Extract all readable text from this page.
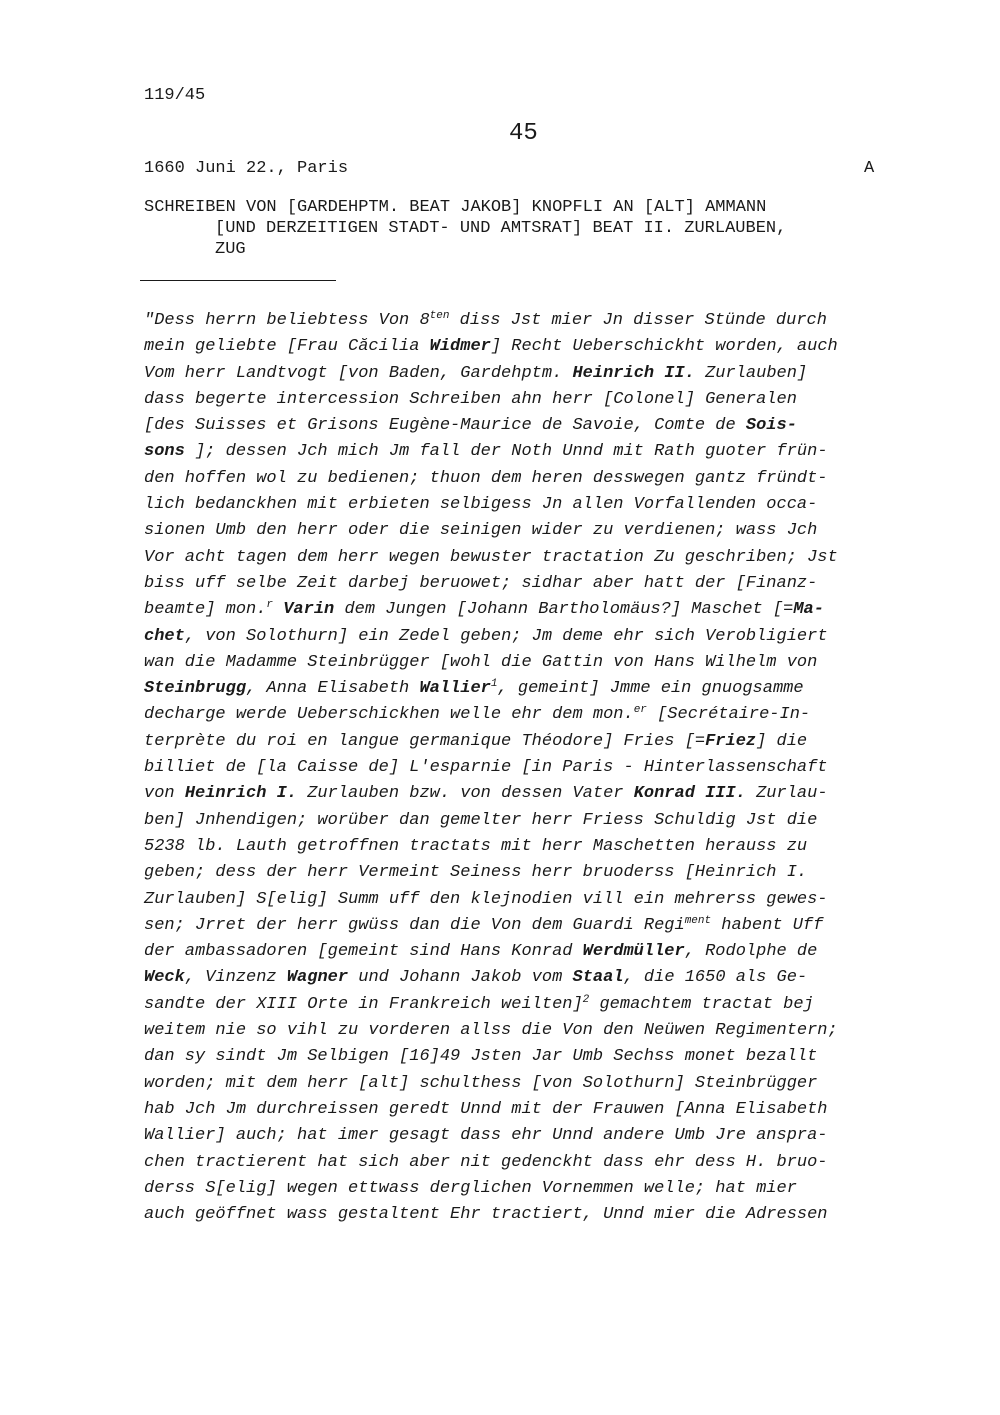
119/45
45
1660 Juni 22., Paris	A
SCHREIBEN VON [GARDEHPTM. BEAT JAKOB] KNOPFLI AN [ALT] AMMANN
[UND DERZEITIGEN STADT- UND AMTSRAT] BEAT II. ZURLAUBEN,
ZUG
"Dess herrn beliebtess Von $8^{ten}$ diss Jst mier Jn disser Stünde durch
mein geliebte [Frau Căcilia Widmer] Recht Ueberschickht worden, auch
Vom herr Landtvogt [von Baden, Gardehptm. Heinrich II. Zurlauben]
dass begerte intercession Schreiben ahn herr [Colonel] Generalen
[des Suisses et Grisons Eugène-Maurice de Savoie, Comte de Sois-
sons ]; dessen Jch mich Jm fall der Noth Unnd mit Rath guoter frün-
den hoffen wol zu bedienen; thuon dem heren desswegen gantz fründt-
lich bedanckhen mit erbieten selbigess Jn allen Vorfallenden occa-
sionen Umb den herr oder die seinigen wider zu verdienen; wass Jch
Vor acht tagen dem herr wegen bewuster tractation Zu geschriben; Jst
biss uff selbe Zeit darbej beruowet; sidhar aber hatt der [Finanz-
beamte] mon.$^r$ Varin dem Jungen [Johann Bartholomäus?] Maschet [=Ma-
chet, von Solothurn] ein Zedel geben; Jm deme ehr sich Verobligiert
wan die Madamme Steinbrügger [wohl die Gattin von Hans Wilhelm von
Steinbrugg, Anna Elisabeth Wallier$^1$, gemeint] Jmme ein gnuogsamme
decharge werde Ueberschickhen welle ehr dem mon.$^{er}$ [Secrétaire-In-
terprète du roi en langue germanique Théodore] Fries [=Friez] die
billiet de [la Caisse de] L'esparnie [in Paris - Hinterlassenschaft
von Heinrich I. Zurlauben bzw. von dessen Vater Konrad III. Zurlau-
ben] Jnhendigen; worüber dan gemelter herr Friess Schuldig Jst die
5238 lb. Lauth getroffnen tractats mit herr Maschetten herauss zu
geben; dess der herr Vermeint Seiness herr bruoderss [Heinrich I.
Zurlauben] S[elig] Summ uff den klejnodien vill ein mehrerss gewes-
sen; Jrret der herr gwüss dan die Von dem Guardi Regi$^{ment}$ habent Uff
der ambassadoren [gemeint sind Hans Konrad Werdmüller, Rodolphe de
Weck, Vinzenz Wagner und Johann Jakob vom Staal, die 1650 als Ge-
sandte der XIII Orte in Frankreich weilten]$^2$ gemachtem tractat bej
weitem nie so vihl zu vorderen allss die Von den Neüwen Regimentern;
dan sy sindt Jm Selbigen [16]49 Jsten Jar Umb Sechss monet bezallt
worden; mit dem herr [alt] schulthess [von Solothurn] Steinbrügger
hab Jch Jm durchreissen geredt Unnd mit der Frauwen [Anna Elisabeth
Wallier] auch; hat imer gesagt dass ehr Unnd andere Umb Jre anspra-
chen tractierent hat sich aber nit gedenckht dass ehr dess H. bruo-
derss S[elig] wegen ettwass derglichen Vornemmen welle; hat mier
auch geöffnet wass gestaltent Ehr tractiert, Unnd mier die Adressen
